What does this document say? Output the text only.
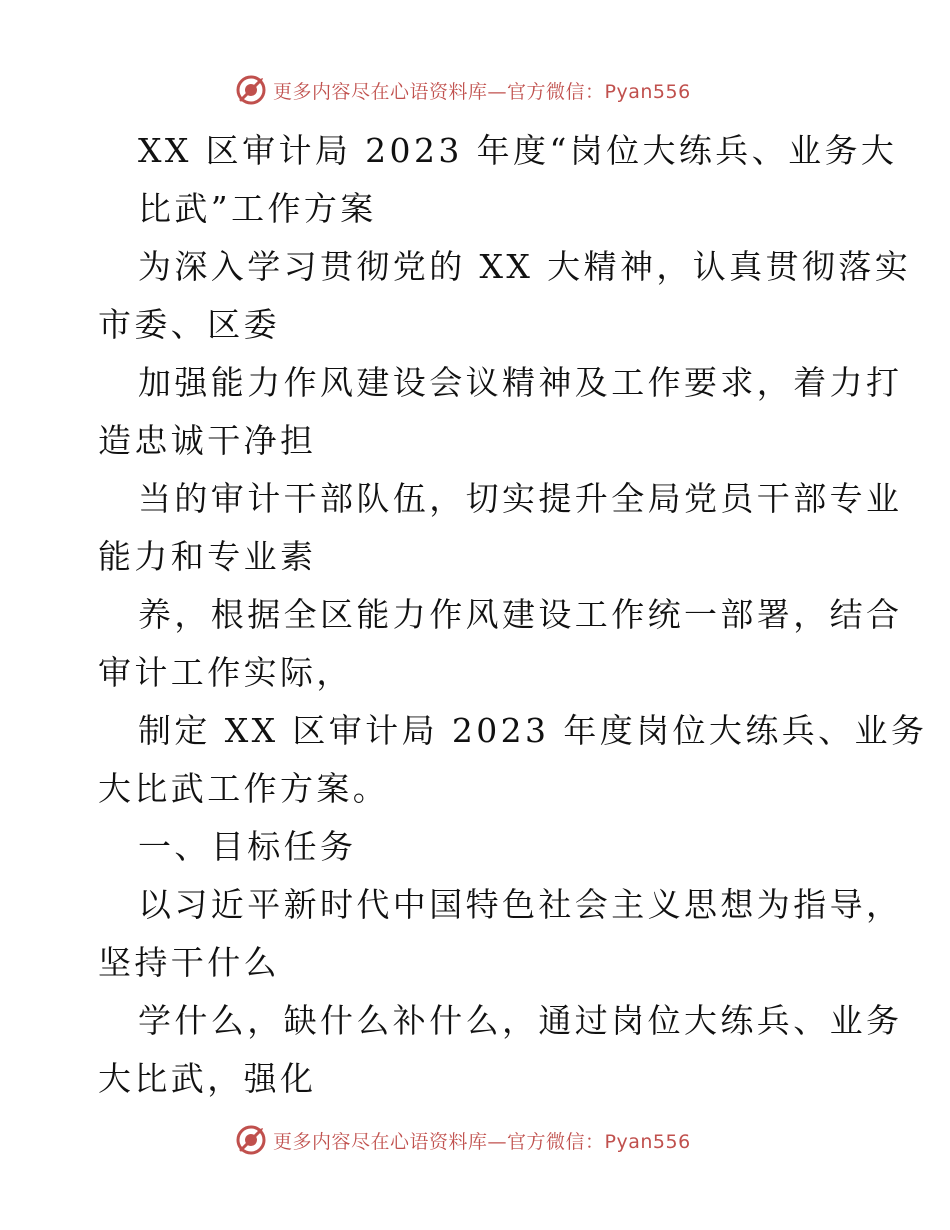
更多内容尽在心语资料库—官方微信：Pyan556
XX 区审计局 2023 年度“岗位大练兵、业务大
比武”工作方案
为深入学习贯彻党的 XX 大精神，认真贯彻落实
市委、区委
加强能力作风建设会议精神及工作要求，着力打
造忠诚干净担
当的审计干部队伍，切实提升全局党员干部专业
能力和专业素
养，根据全区能力作风建设工作统一部署，结合
审计工作实际，
制定 XX 区审计局 2023 年度岗位大练兵、业务
大比武工作方案。
一、目标任务
以习近平新时代中国特色社会主义思想为指导，
坚持干什么
学什么，缺什么补什么，通过岗位大练兵、业务
大比武，强化
更多内容尽在心语资料库—官方微信：Pyan556
